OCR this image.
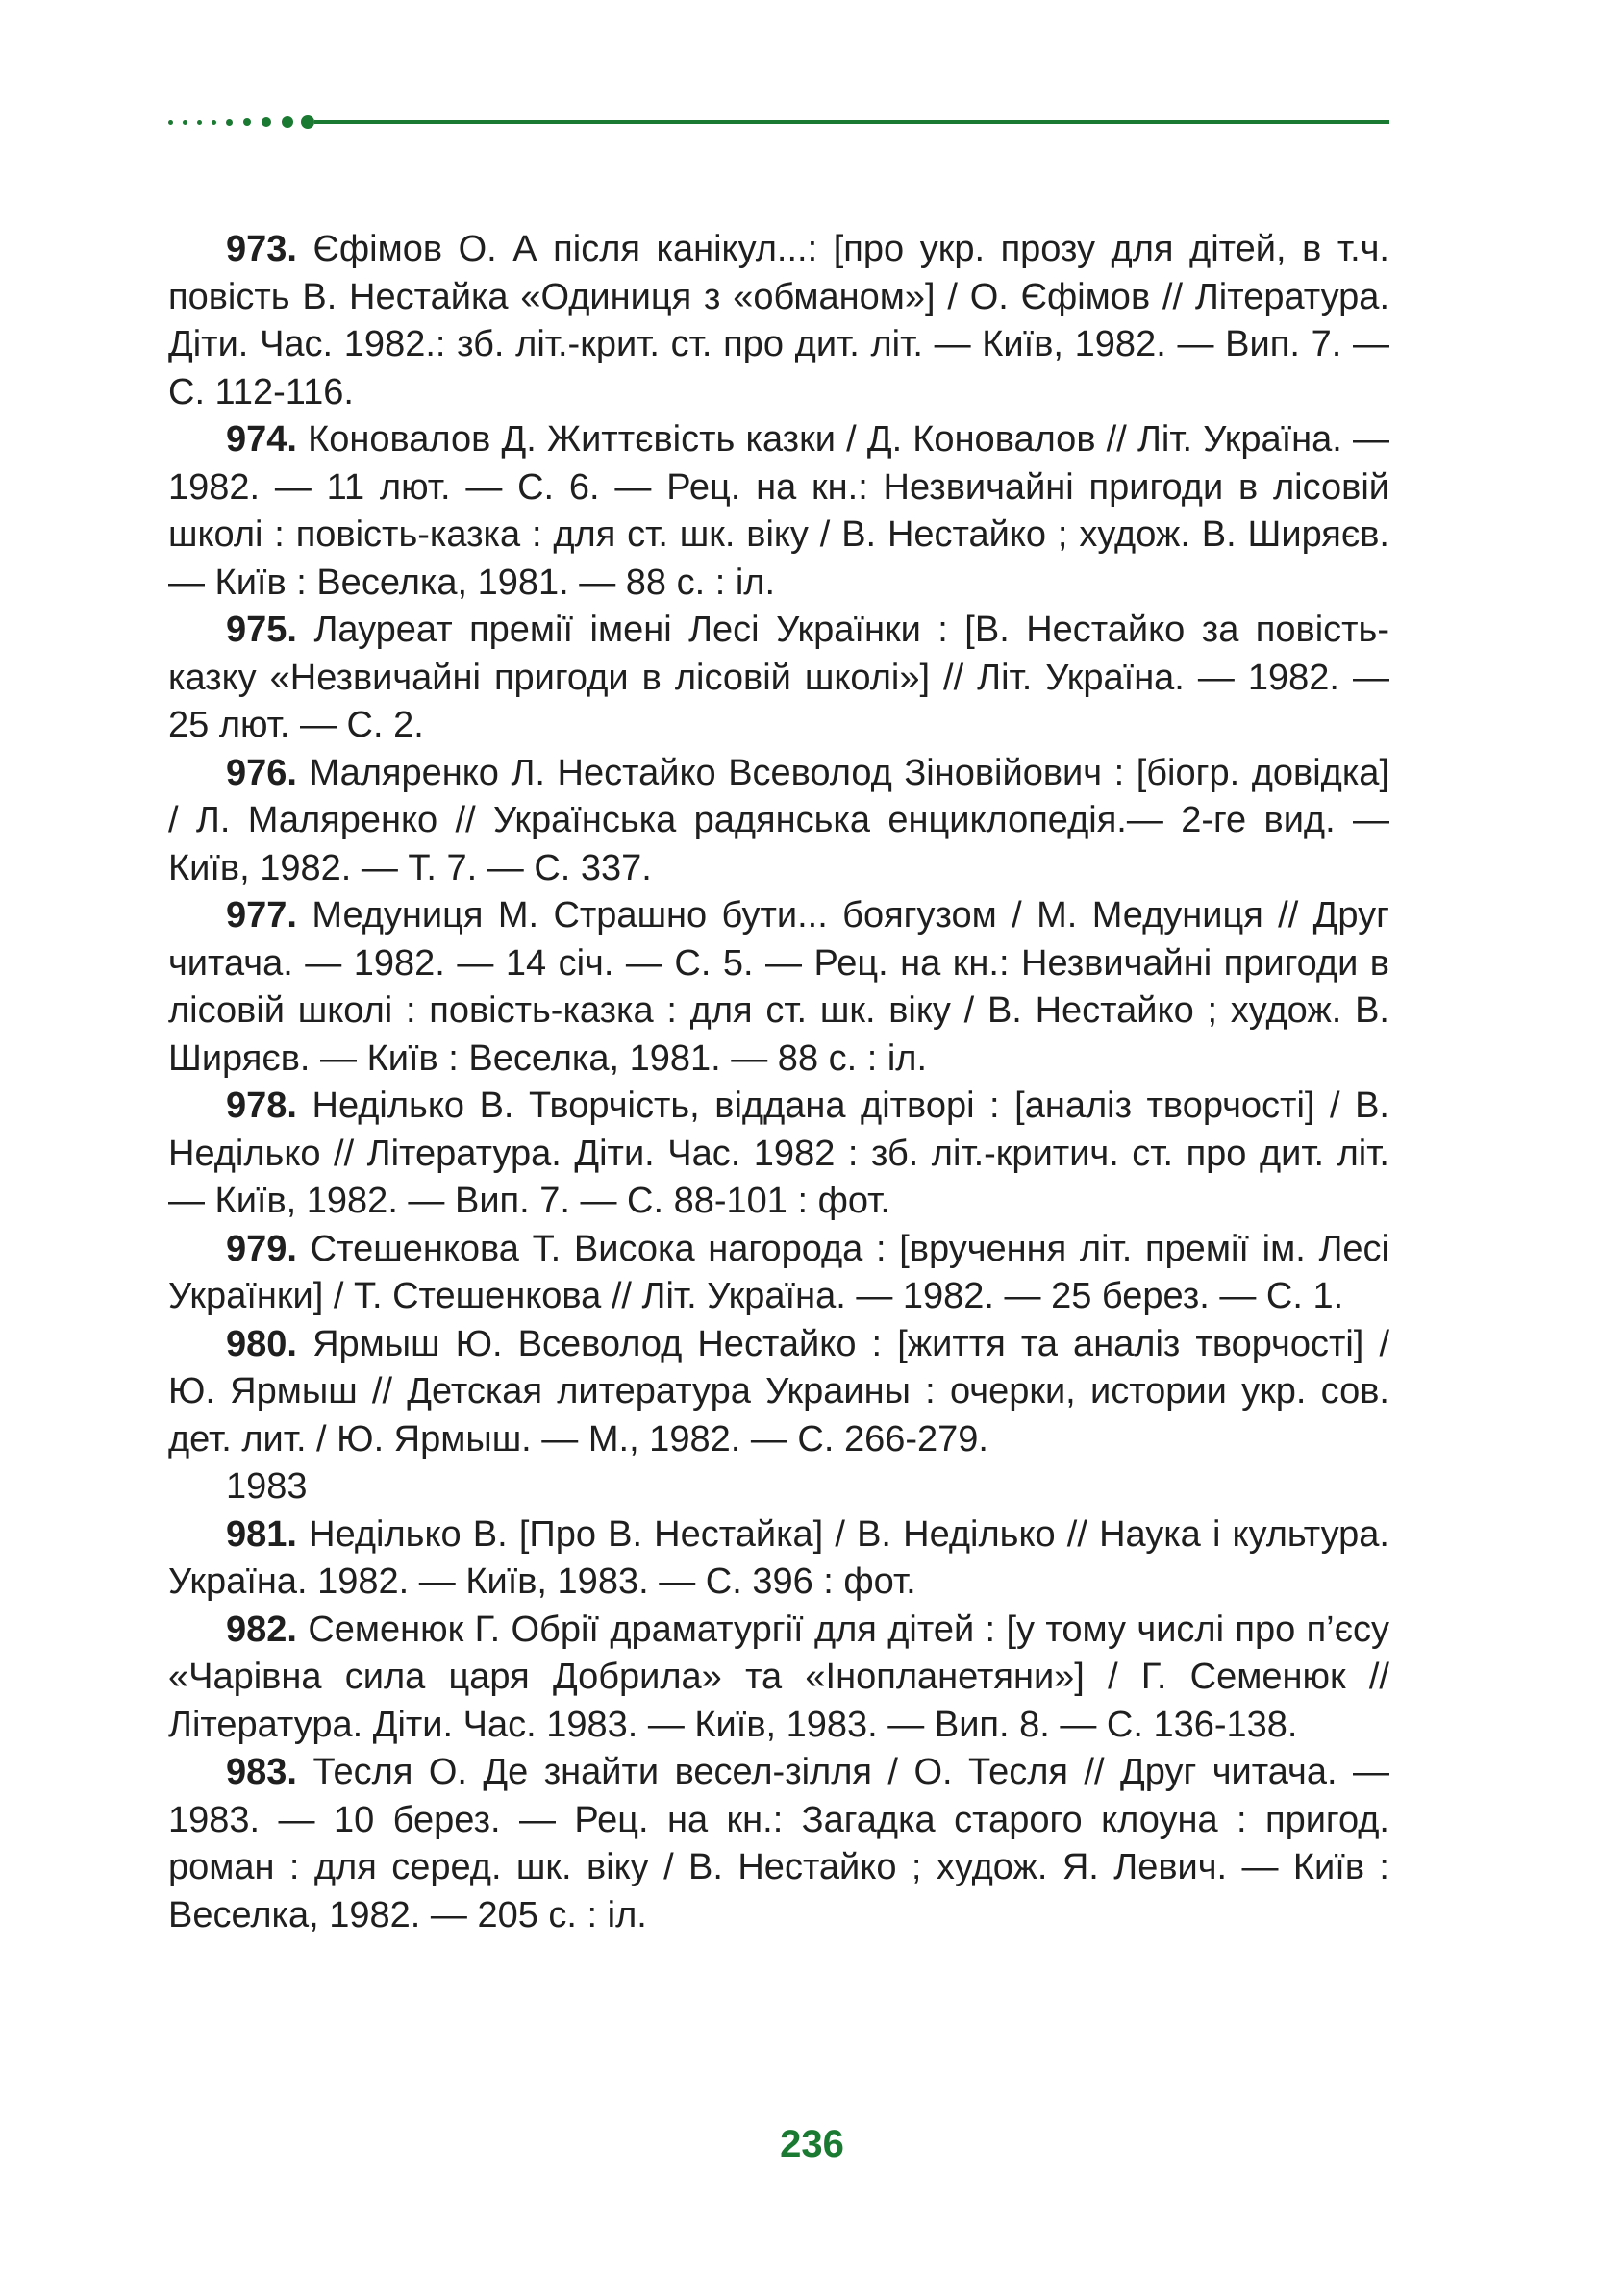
973. Єфімов О. А після канікул...: [про укр. прозу для дітей, в т.ч. повість В. Нестайка «Одиниця з «обманом»] / О. Єфімов // Література. Діти. Час. 1982.: зб. літ.-крит. ст. про дит. літ. — Київ, 1982. — Вип. 7. — С. 112-116.

974. Коновалов Д. Життєвість казки / Д. Коновалов // Літ. Україна. — 1982. — 11 лют. — С. 6. — Рец. на кн.: Незвичайні пригоди в лісовій школі : повість-казка : для ст. шк. віку / В. Нестайко ; худож. В. Ширяєв. — Київ : Веселка, 1981. — 88 с. : іл.

975. Лауреат премії імені Лесі Українки : [В. Нестайко за повість-казку «Незвичайні пригоди в лісовій школі»] // Літ. Україна. — 1982. — 25 лют. — С. 2.

976. Маляренко Л. Нестайко Всеволод Зіновійович : [біогр. довідка] / Л. Маляренко // Українська радянська енциклопедія.— 2-ге вид. — Київ, 1982. — Т. 7. — С. 337.

977. Медуниця М. Страшно бути... боягузом / М. Медуниця // Друг читача. — 1982. — 14 січ. — С. 5. — Рец. на кн.: Незвичайні пригоди в лісовій школі : повість-казка : для ст. шк. віку / В. Нестайко ; худож. В. Ширяєв. — Київ : Веселка, 1981. — 88 с. : іл.

978. Неділько В. Творчість, віддана дітворі : [аналіз творчості] / В. Неділько // Література. Діти. Час. 1982 : зб. літ.-критич. ст. про дит. літ. — Київ, 1982. — Вип. 7. — С. 88-101 : фот.

979. Стешенкова Т. Висока нагорода : [вручення літ. премії ім. Лесі Українки] / Т. Стешенкова // Літ. Україна. — 1982. — 25 берез. — С. 1.

980. Ярмыш Ю. Всеволод Нестайко : [життя та аналіз творчості] / Ю. Ярмыш // Детская литература Украины : очерки, истории укр. сов. дет. лит. / Ю. Ярмыш. — М., 1982. — С. 266-279.

1983

981. Неділько В. [Про В. Нестайка] / В. Неділько // Наука і культура. Україна. 1982. — Київ, 1983. — С. 396 : фот.

982. Семенюк Г. Обрії драматургії для дітей : [у тому числі про п’єсу «Чарівна сила царя Добрила» та «Інопланетяни»] / Г. Семенюк // Література. Діти. Час. 1983. — Київ, 1983. — Вип. 8. — С. 136-138.

983. Тесля О. Де знайти весел-зілля / О. Тесля // Друг читача. — 1983. — 10 берез. — Рец. на кн.: Загадка старого клоуна : пригод. роман : для серед. шк. віку / В. Нестайко ; худож. Я. Левич. — Київ : Веселка, 1982. — 205 с. : іл.

236
